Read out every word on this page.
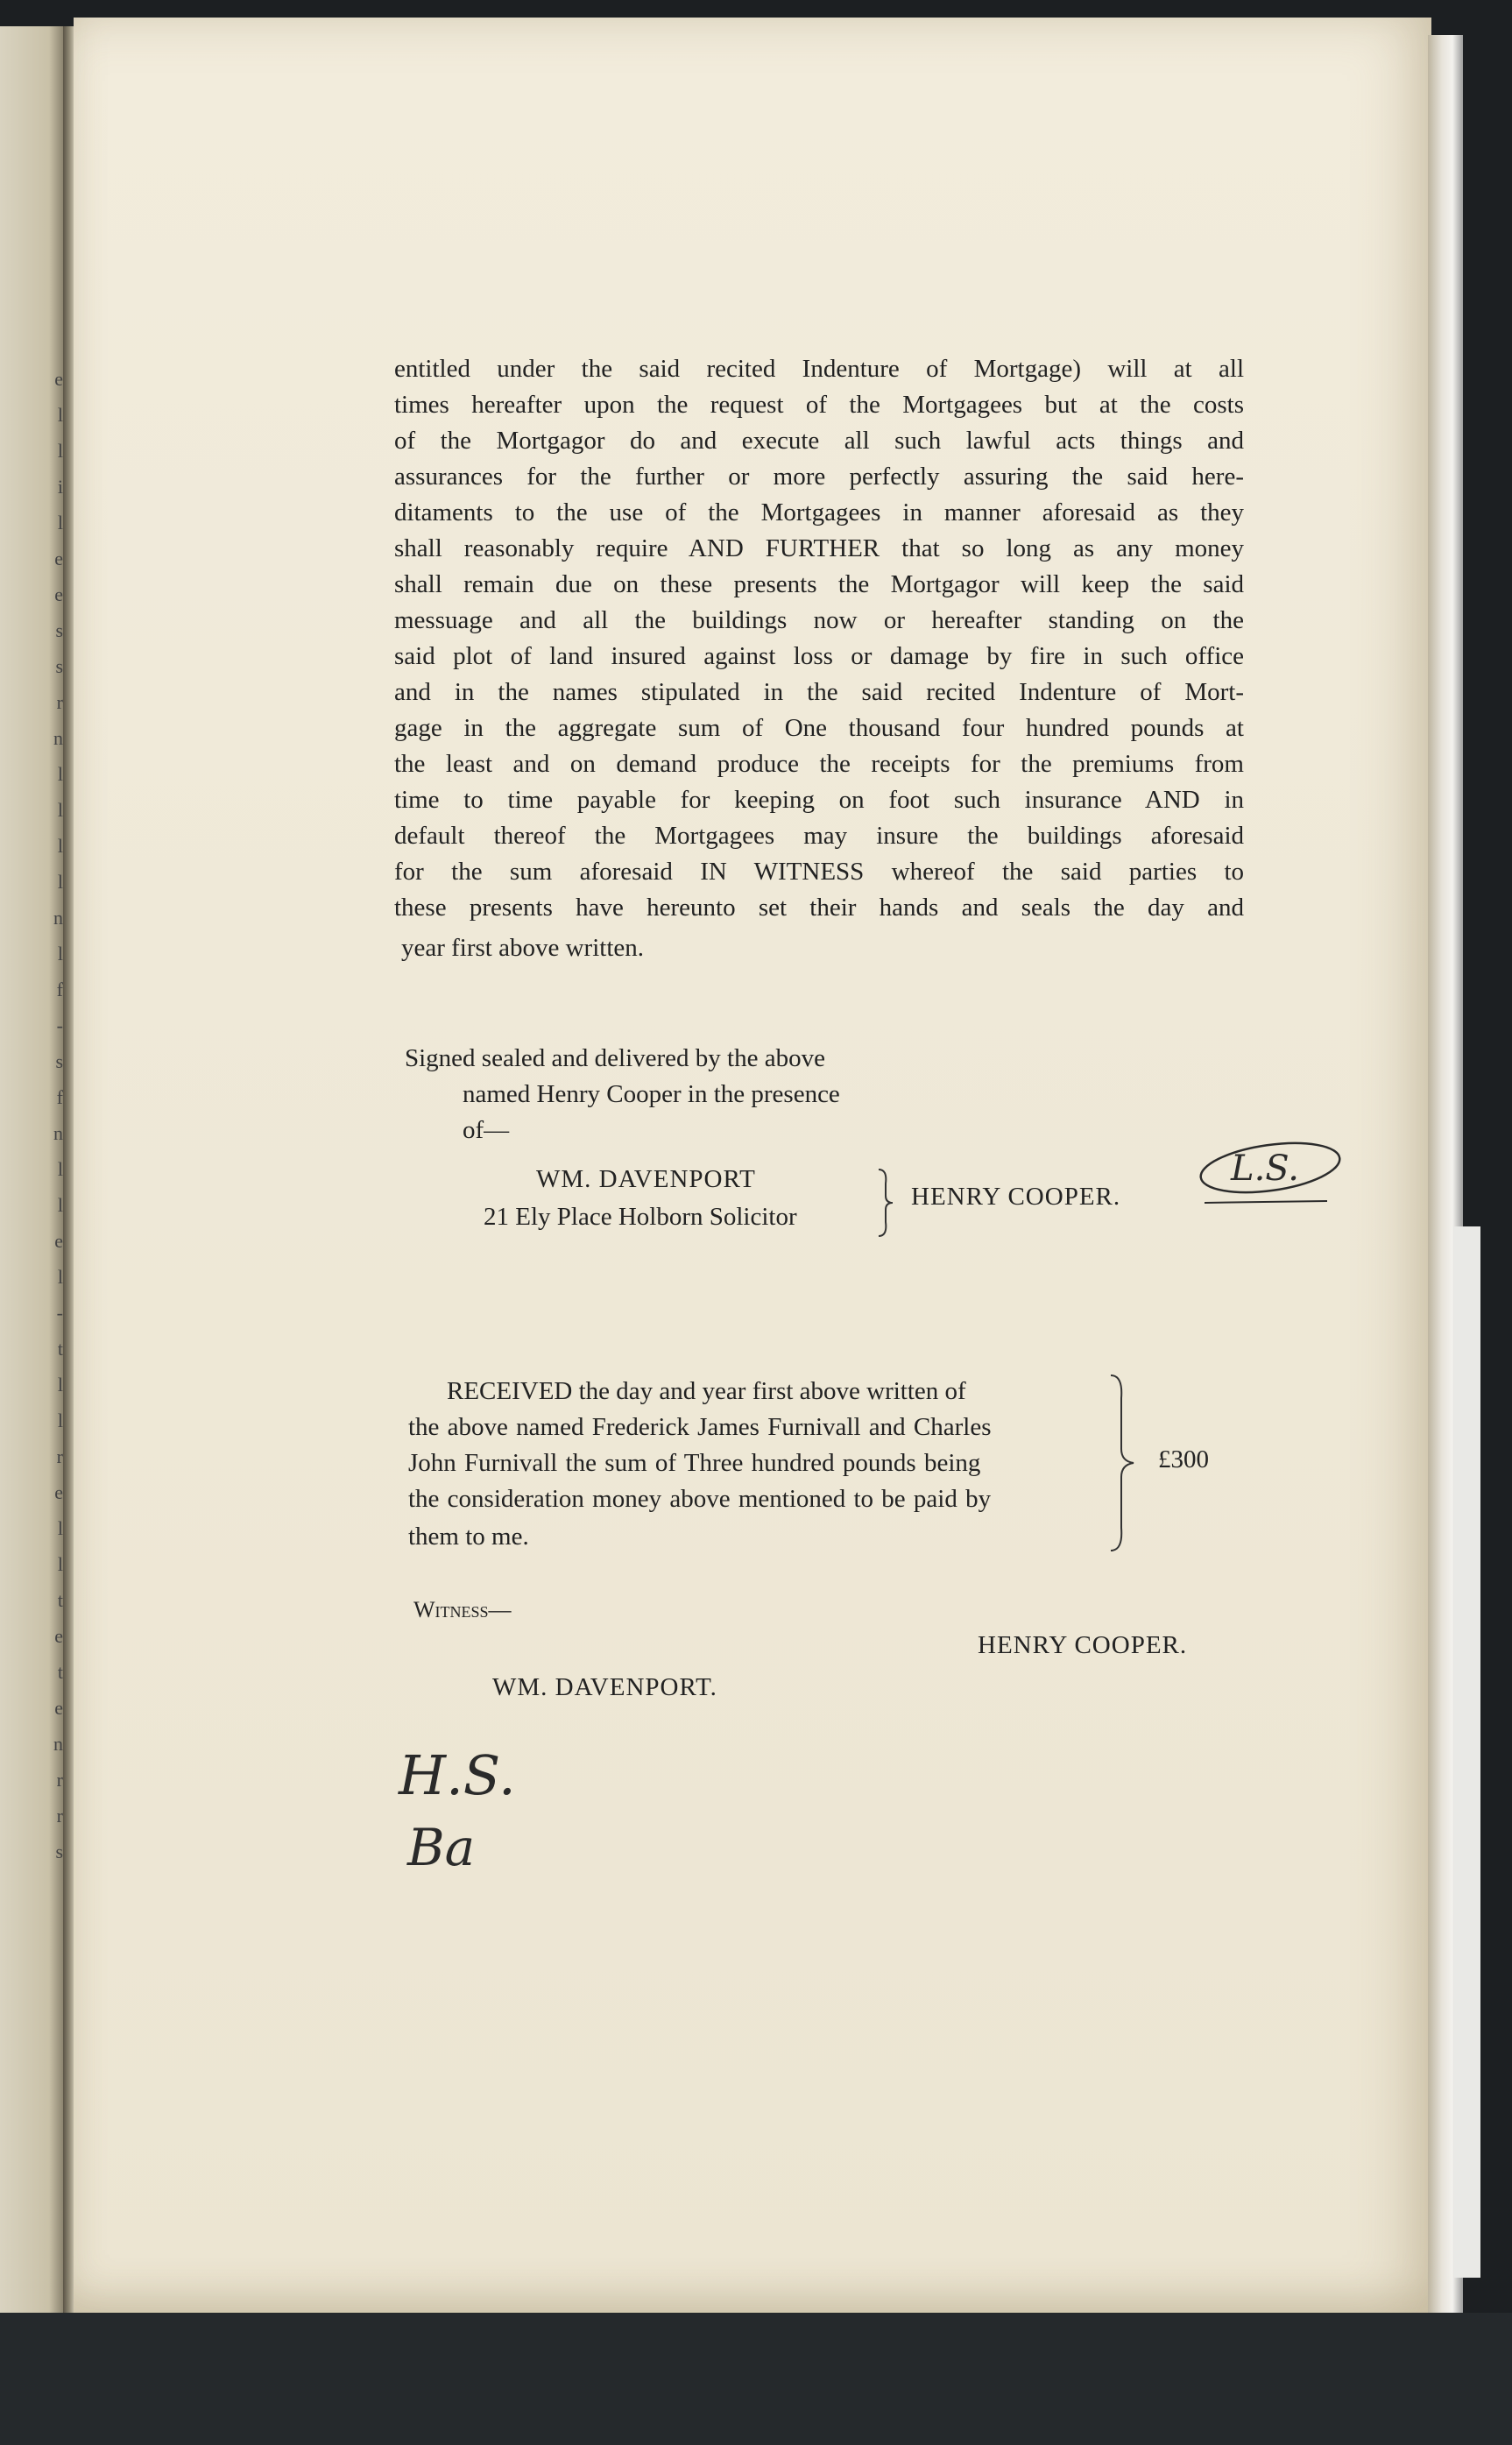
e
l
l
i
l
e
e
s
s
r
n
l
l
l
l
n
l
f
-
s
f
n
l
l
e
l
-
t
l
l
r
e
l
l
t
e
t
e
n
r
r
s
entitled under the said recited Indenture of Mortgage) will at all
times hereafter upon the request of the Mortgagees but at the costs
of the Mortgagor do and execute all such lawful acts things and
assurances for the further or more perfectly assuring the said here-
ditaments to the use of the Mortgagees in manner aforesaid as they
shall reasonably require AND FURTHER that so long as any money
shall remain due on these presents the Mortgagor will keep the said
messuage and all the buildings now or hereafter standing on the
said plot of land insured against loss or damage by fire in such office
and in the names stipulated in the said recited Indenture of Mort-
gage in the aggregate sum of One thousand four hundred pounds at
the least and on demand produce the receipts for the premiums from
time to time payable for keeping on foot such insurance AND in
default thereof the Mortgagees may insure the buildings aforesaid
for the sum aforesaid IN WITNESS whereof the said parties to
these presents have hereunto set their hands and seals the day and
year first above written.
Signed sealed and delivered by the above
named Henry Cooper in the presence
of—
WM. DAVENPORT
21 Ely Place Holborn Solicitor
HENRY COOPER.
L.S.
RECEIVED the day and year first above written of
the above named Frederick James Furnivall and Charles
John Furnivall the sum of Three hundred pounds being
the consideration money above mentioned to be paid by
them to me.
£300
Witness—
HENRY COOPER.
WM. DAVENPORT.
H.S.
Ba
